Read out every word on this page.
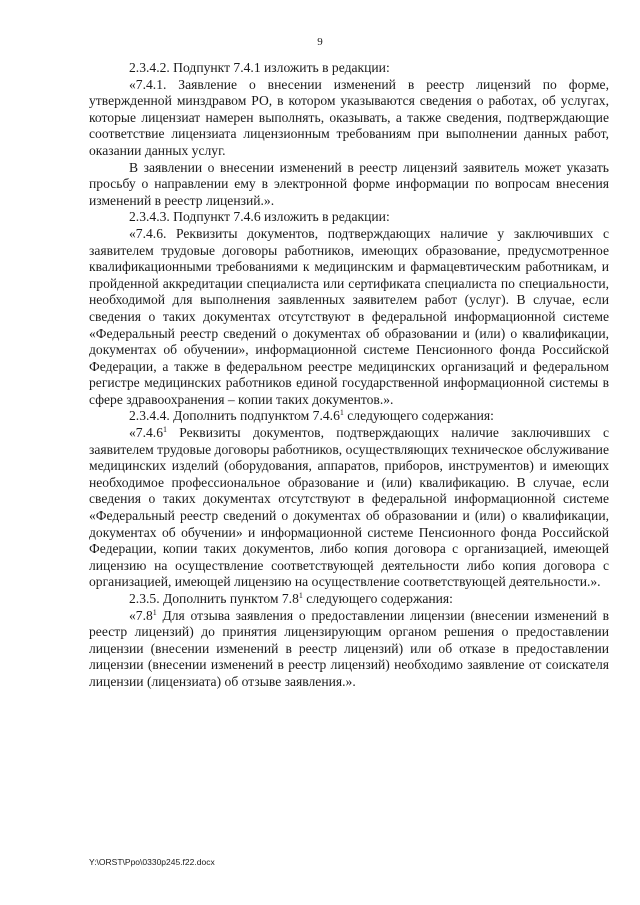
9

2.3.4.2. Подпункт 7.4.1 изложить в редакции:

«7.4.1. Заявление о внесении изменений в реестр лицензий по форме, утвержденной минздравом РО, в котором указываются сведения о работах, об услугах, которые лицензиат намерен выполнять, оказывать, а также сведения, подтверждающие соответствие лицензиата лицензионным требованиям при выполнении данных работ, оказании данных услуг.

В заявлении о внесении изменений в реестр лицензий заявитель может указать просьбу о направлении ему в электронной форме информации по вопросам внесения изменений в реестр лицензий.».

2.3.4.3. Подпункт 7.4.6 изложить в редакции:

«7.4.6. Реквизиты документов, подтверждающих наличие у заключивших с заявителем трудовые договоры работников, имеющих образование, предусмотренное квалификационными требованиями к медицинским и фармацевтическим работникам, и пройденной аккредитации специалиста или сертификата специалиста по специальности, необходимой для выполнения заявленных заявителем работ (услуг). В случае, если сведения о таких документах отсутствуют в федеральной информационной системе «Федеральный реестр сведений о документах об образовании и (или) о квалификации, документах об обучении», информационной системе Пенсионного фонда Российской Федерации, а также в федеральном реестре медицинских организаций и федеральном регистре медицинских работников единой государственной информационной системы в сфере здравоохранения – копии таких документов.».

2.3.4.4. Дополнить подпунктом 7.4.6$^1$ следующего содержания:

«7.4.6$^1$ Реквизиты документов, подтверждающих наличие заключивших с заявителем трудовые договоры работников, осуществляющих техническое обслуживание медицинских изделий (оборудования, аппаратов, приборов, инструментов) и имеющих необходимое профессиональное образование и (или) квалификацию. В случае, если сведения о таких документах отсутствуют в федеральной информационной системе «Федеральный реестр сведений о документах об образовании и (или) о квалификации, документах об обучении» и информационной системе Пенсионного фонда Российской Федерации, копии таких документов, либо копия договора с организацией, имеющей лицензию на осуществление соответствующей деятельности либо копия договора с организацией, имеющей лицензию на осуществление соответствующей деятельности.».

2.3.5. Дополнить пунктом $7.8^1$ следующего содержания:

«$7.8^1$ Для отзыва заявления о предоставлении лицензии (внесении изменений в реестр лицензий) до принятия лицензирующим органом решения о предоставлении лицензии (внесении изменений в реестр лицензий) или об отказе в предоставлении лицензии (внесении изменений в реестр лицензий) необходимо заявление от соискателя лицензии (лицензиата) об отзыве заявления.».

Y:\ORST\Ppo\0330p245.f22.docx
